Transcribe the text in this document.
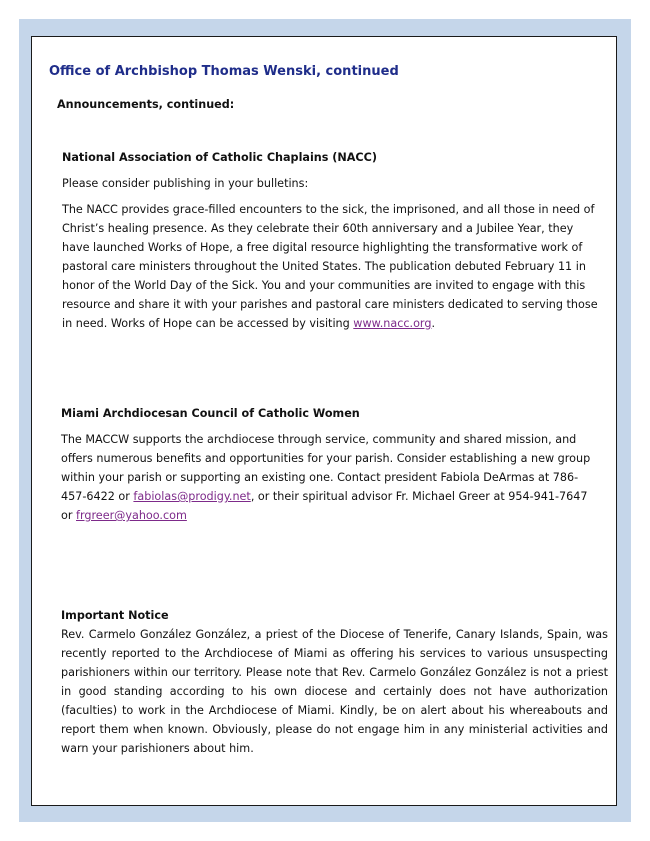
Office of Archbishop Thomas Wenski, continued
Announcements, continued:
National Association of Catholic Chaplains (NACC)

Please consider publishing in your bulletins:

The NACC provides grace-filled encounters to the sick, the imprisoned, and all those in need of Christ’s healing presence. As they celebrate their 60th anniversary and a Jubilee Year, they have launched Works of Hope, a free digital resource highlighting the transformative work of pastoral care ministers throughout the United States. The publication debuted February 11 in honor of the World Day of the Sick. You and your communities are invited to engage with this resource and share it with your parishes and pastoral care ministers dedicated to serving those in need. Works of Hope can be accessed by visiting www.nacc.org.

Miami Archdiocesan Council of Catholic Women

The MACCW supports the archdiocese through service, community and shared mission, and offers numerous benefits and opportunities for your parish. Consider establishing a new group within your parish or supporting an existing one. Contact president Fabiola DeArmas at 786-457-6422 or fabiolas@prodigy.net, or their spiritual advisor Fr. Michael Greer at 954-941-7647 or frgreer@yahoo.com

Important Notice

Rev. Carmelo González González, a priest of the Diocese of Tenerife, Canary Islands, Spain, was recently reported to the Archdiocese of Miami as offering his services to various unsuspecting parishioners within our territory. Please note that Rev. Carmelo González González is not a priest in good standing according to his own diocese and certainly does not have authorization (faculties) to work in the Archdiocese of Miami. Kindly, be on alert about his whereabouts and report them when known. Obviously, please do not engage him in any ministerial activities and warn your parishioners about him.
